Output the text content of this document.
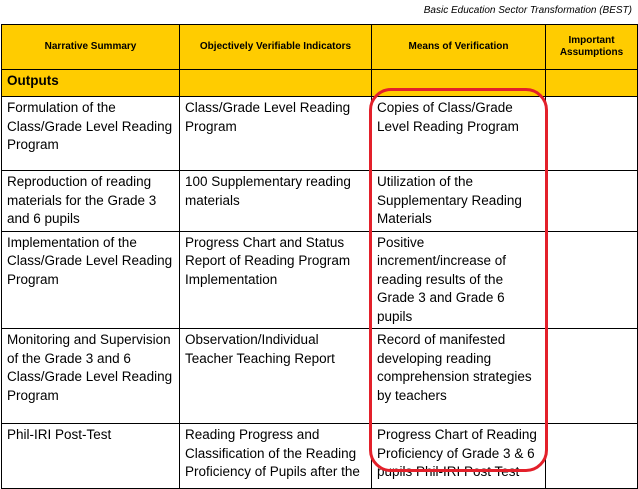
Basic Education Sector Transformation (BEST)
Narrative Summary	Objectively Verifiable Indicators	Means of Verification	Important Assumptions
Outputs			
Formulation of the Class/Grade Level Reading Program	Class/Grade Level Reading Program	Copies of Class/Grade Level Reading Program	
Reproduction of reading materials for the Grade 3 and 6 pupils	100 Supplementary reading materials	Utilization of the Supplementary Reading Materials	
Implementation of the Class/Grade Level Reading Program	Progress Chart and Status Report of Reading Program Implementation	Positive increment/increase of reading results of the Grade 3 and Grade 6 pupils	
Monitoring and Supervision of the Grade 3 and 6 Class/Grade Level Reading Program	Observation/Individual Teacher Teaching Report	Record of manifested developing reading comprehension strategies by teachers	
Phil-IRI Post-Test	Reading Progress and Classification of the Reading Proficiency of Pupils after the	Progress Chart of Reading Proficiency of Grade 3 & 6 pupils Phil-IRI Post Test	
